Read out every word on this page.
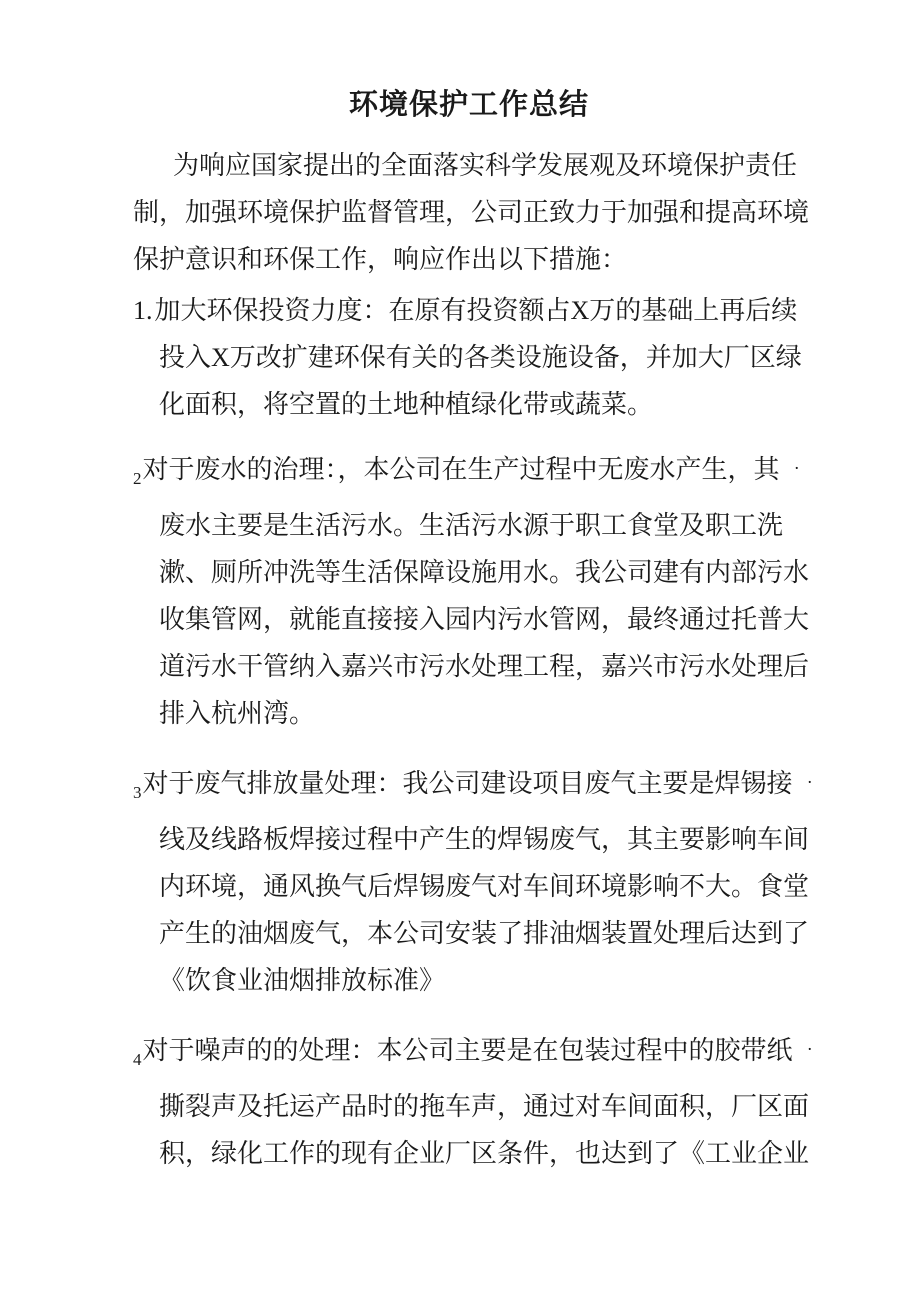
环境保护工作总结
为响应国家提出的全面落实科学发展观及环境保护责任
制，加强环境保护监督管理，公司正致力于加强和提高环境
保护意识和环保工作，响应作出以下措施：
1.加大环保投资力度：在原有投资额占X万的基础上再后续
投入X万改扩建环保有关的各类设施设备，并加大厂区绿
化面积，将空置的土地种植绿化带或蔬菜。
$_2$对于废水的治理：，本公司在生产过程中无废水产生，其 .
废水主要是生活污水。生活污水源于职工食堂及职工洗
漱、厕所冲洗等生活保障设施用水。我公司建有内部污水
收集管网，就能直接接入园内污水管网，最终通过托普大
道污水干管纳入嘉兴市污水处理工程，嘉兴市污水处理后
排入杭州湾。
$_3$对于废气排放量处理：我公司建设项目废气主要是焊锡接 .
线及线路板焊接过程中产生的焊锡废气，其主要影响车间
内环境，通风换气后焊锡废气对车间环境影响不大。食堂
产生的油烟废气，本公司安装了排油烟装置处理后达到了
《饮食业油烟排放标准》
$_4$对于噪声的的处理：本公司主要是在包装过程中的胶带纸 .
撕裂声及托运产品时的拖车声，通过对车间面积，厂区面
积，绿化工作的现有企业厂区条件，也达到了《工业企业
